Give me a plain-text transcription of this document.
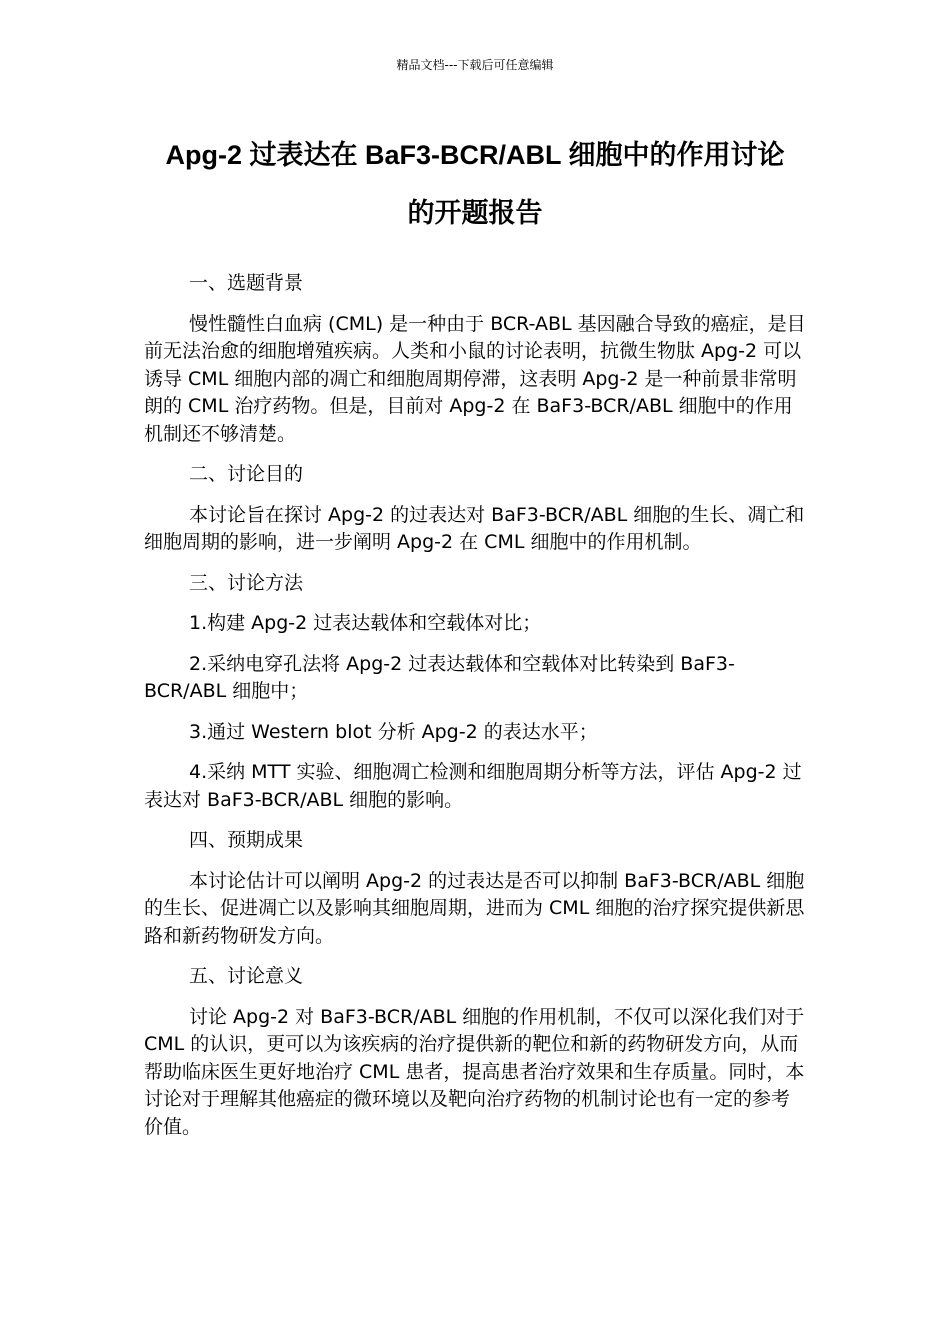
精品文档---下载后可任意编辑
Apg-2 过表达在 BaF3-BCR/ABL 细胞中的作用讨论
的开题报告

一、选题背景

慢性髓性白血病 (CML) 是一种由于 BCR-ABL 基因融合导致的癌症，是目前无法治愈的细胞增殖疾病。人类和小鼠的讨论表明，抗微生物肽 Apg-2 可以诱导 CML 细胞内部的凋亡和细胞周期停滞，这表明 Apg-2 是一种前景非常明朗的 CML 治疗药物。但是，目前对 Apg-2 在 BaF3-BCR/ABL 细胞中的作用机制还不够清楚。

二、讨论目的

本讨论旨在探讨 Apg-2 的过表达对 BaF3-BCR/ABL 细胞的生长、凋亡和细胞周期的影响，进一步阐明 Apg-2 在 CML 细胞中的作用机制。

三、讨论方法

1.构建 Apg-2 过表达载体和空载体对比；

2.采纳电穿孔法将 Apg-2 过表达载体和空载体对比转染到 BaF3-BCR/ABL 细胞中；

3.通过 Western blot 分析 Apg-2 的表达水平；

4.采纳 MTT 实验、细胞凋亡检测和细胞周期分析等方法，评估 Apg-2 过表达对 BaF3-BCR/ABL 细胞的影响。

四、预期成果

本讨论估计可以阐明 Apg-2 的过表达是否可以抑制 BaF3-BCR/ABL 细胞的生长、促进凋亡以及影响其细胞周期，进而为 CML 细胞的治疗探究提供新思路和新药物研发方向。

五、讨论意义

讨论 Apg-2 对 BaF3-BCR/ABL 细胞的作用机制，不仅可以深化我们对于 CML 的认识，更可以为该疾病的治疗提供新的靶位和新的药物研发方向，从而帮助临床医生更好地治疗 CML 患者，提高患者治疗效果和生存质量。同时，本讨论对于理解其他癌症的微环境以及靶向治疗药物的机制讨论也有一定的参考价值。
